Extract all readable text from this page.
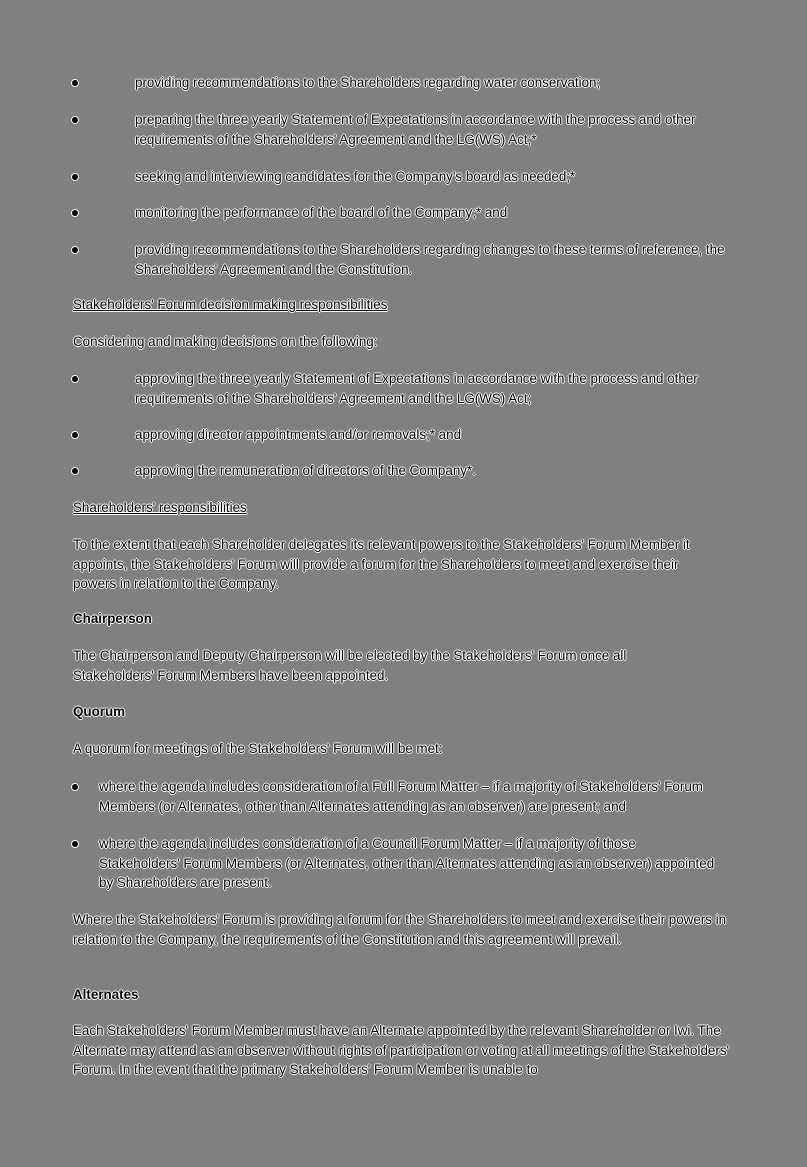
providing recommendations to the Shareholders regarding water conservation;
preparing the three yearly Statement of Expectations in accordance with the process and other requirements of the Shareholders' Agreement and the LG(WS) Act;*
seeking and interviewing candidates for the Company's board as needed;*
monitoring the performance of the board of the Company;* and
providing recommendations to the Shareholders regarding changes to these terms of reference, the Shareholders' Agreement and the Constitution.
Stakeholders' Forum decision making responsibilities
Considering and making decisions on the following:
approving the three yearly Statement of Expectations in accordance with the process and other requirements of the Shareholders' Agreement and the LG(WS) Act;
approving director appointments and/or removals;* and
approving the remuneration of directors of the Company*.
Shareholders' responsibilities
To the extent that each Shareholder delegates its relevant powers to the Stakeholders' Forum Member it appoints, the Stakeholders' Forum will provide a forum for the Shareholders to meet and exercise their powers in relation to the Company.
Chairperson
The Chairperson and Deputy Chairperson will be elected by the Stakeholders' Forum once all Stakeholders' Forum Members have been appointed.
Quorum
A quorum for meetings of the Stakeholders' Forum will be met:
where the agenda includes consideration of a Full Forum Matter – if a majority of Stakeholders' Forum Members (or Alternates, other than Alternates attending as an observer) are present; and
where the agenda includes consideration of a Council Forum Matter – if a majority of those Stakeholders' Forum Members (or Alternates, other than Alternates attending as an observer) appointed by Shareholders are present.
Where the Stakeholders' Forum is providing a forum for the Shareholders to meet and exercise their powers in relation to the Company, the requirements of the Constitution and this agreement will prevail.
Alternates
Each Stakeholders' Forum Member must have an Alternate appointed by the relevant Shareholder or Iwi. The Alternate may attend as an observer without rights of participation or voting at all meetings of the Stakeholders' Forum. In the event that the primary Stakeholders' Forum Member is unable to
